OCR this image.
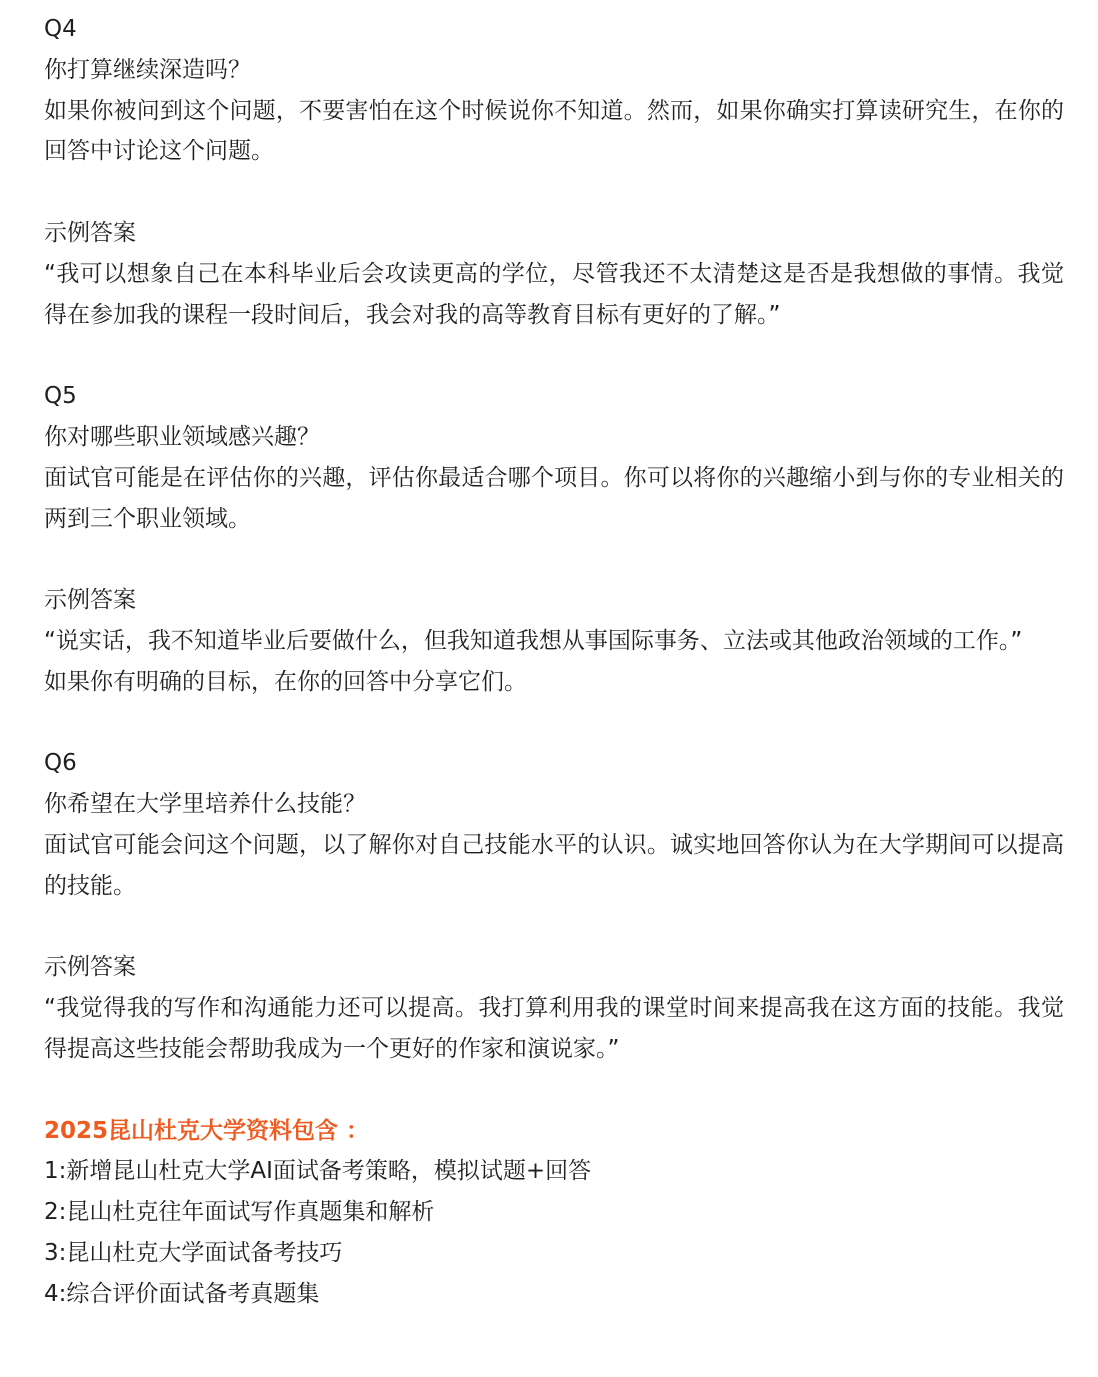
Q4

你打算继续深造吗？

如果你被问到这个问题，不要害怕在这个时候说你不知道。然而，如果你确实打算读研究生，在你的回答中讨论这个问题。

示例答案

“我可以想象自己在本科毕业后会攻读更高的学位，尽管我还不太清楚这是否是我想做的事情。我觉得在参加我的课程一段时间后，我会对我的高等教育目标有更好的了解。”

Q5

你对哪些职业领域感兴趣？

面试官可能是在评估你的兴趣，评估你最适合哪个项目。你可以将你的兴趣缩小到与你的专业相关的两到三个职业领域。

示例答案

“说实话，我不知道毕业后要做什么，但我知道我想从事国际事务、立法或其他政治领域的工作。”

如果你有明确的目标，在你的回答中分享它们。

Q6

你希望在大学里培养什么技能？

面试官可能会问这个问题，以了解你对自己技能水平的认识。诚实地回答你认为在大学期间可以提高的技能。

示例答案

“我觉得我的写作和沟通能力还可以提高。我打算利用我的课堂时间来提高我在这方面的技能。我觉得提高这些技能会帮助我成为一个更好的作家和演说家。”

2025昆山杜克大学资料包含 ：

1:新增昆山杜克大学AI面试备考策略，模拟试题+回答

2:昆山杜克往年面试写作真题集和解析

3:昆山杜克大学面试备考技巧

4:综合评价面试备考真题集
